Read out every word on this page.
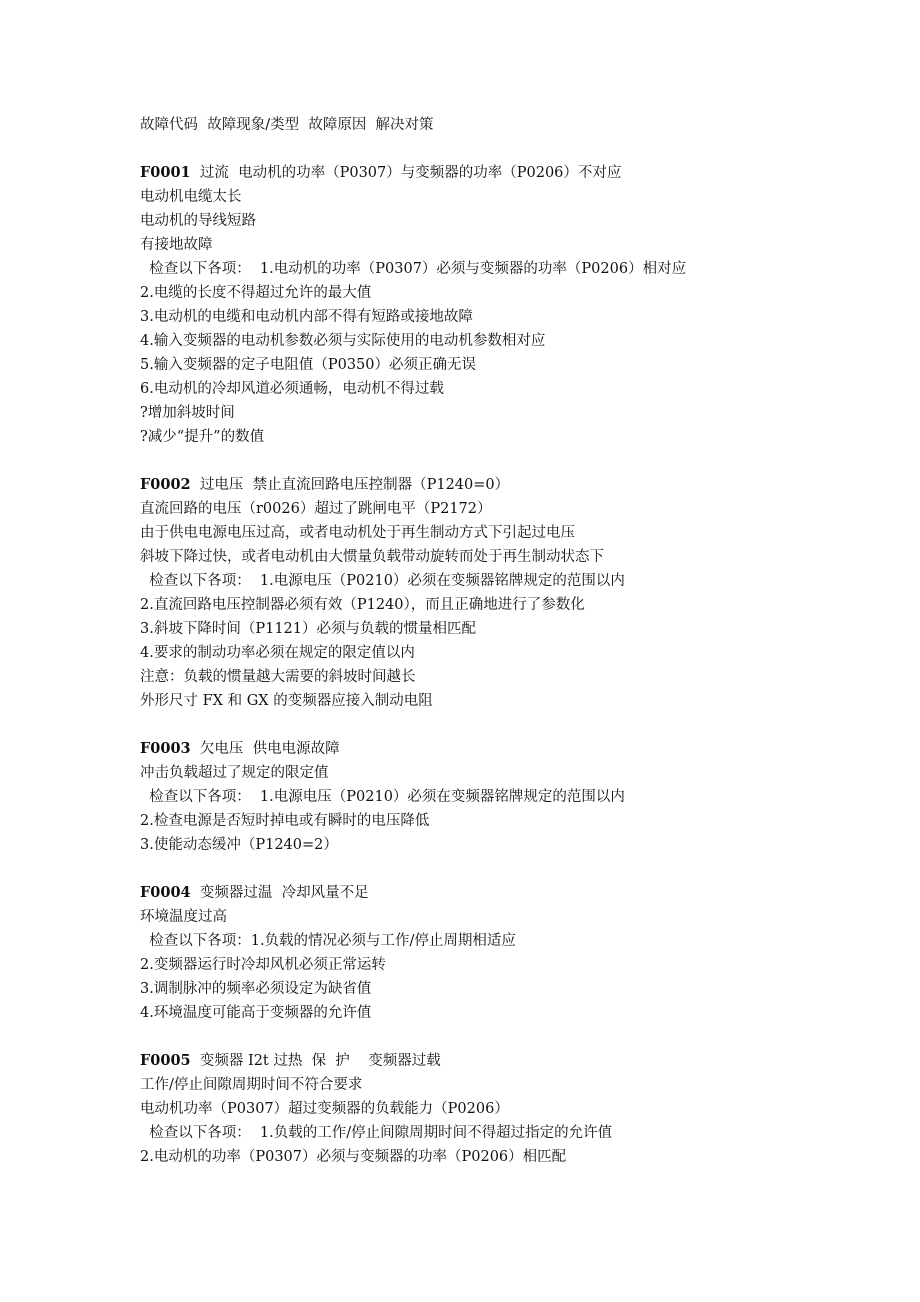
故障代码  故障现象/类型  故障原因  解决对策
F0001  过流  电动机的功率（P0307）与变频器的功率（P0206）不对应
电动机电缆太长
电动机的导线短路
有接地故障
检查以下各项：  1.电动机的功率（P0307）必须与变频器的功率（P0206）相对应
2.电缆的长度不得超过允许的最大值
3.电动机的电缆和电动机内部不得有短路或接地故障
4.输入变频器的电动机参数必须与实际使用的电动机参数相对应
5.输入变频器的定子电阻值（P0350）必须正确无误
6.电动机的冷却风道必须通畅，电动机不得过载
?增加斜坡时间
?减少“提升”的数值
F0002  过电压  禁止直流回路电压控制器（P1240=0）
直流回路的电压（r0026）超过了跳闸电平（P2172）
由于供电电源电压过高，或者电动机处于再生制动方式下引起过电压
斜坡下降过快，或者电动机由大惯量负载带动旋转而处于再生制动状态下
检查以下各项：  1.电源电压（P0210）必须在变频器铭牌规定的范围以内
2.直流回路电压控制器必须有效（P1240），而且正确地进行了参数化
3.斜坡下降时间（P1121）必须与负载的惯量相匹配
4.要求的制动功率必须在规定的限定值以内
注意：负载的惯量越大需要的斜坡时间越长
外形尺寸 FX 和 GX 的变频器应接入制动电阻
F0003  欠电压  供电电源故障
冲击负载超过了规定的限定值
检查以下各项：  1.电源电压（P0210）必须在变频器铭牌规定的范围以内
2.检查电源是否短时掉电或有瞬时的电压降低
3.使能动态缓冲（P1240=2）
F0004  变频器过温  冷却风量不足
环境温度过高
检查以下各项：1.负载的情况必须与工作/停止周期相适应
2.变频器运行时冷却风机必须正常运转
3.调制脉冲的频率必须设定为缺省值
4.环境温度可能高于变频器的允许值
F0005  变频器 I2t 过热  保  护    变频器过载
工作/停止间隙周期时间不符合要求
电动机功率（P0307）超过变频器的负载能力（P0206）
检查以下各项：  1.负载的工作/停止间隙周期时间不得超过指定的允许值
2.电动机的功率（P0307）必须与变频器的功率（P0206）相匹配
